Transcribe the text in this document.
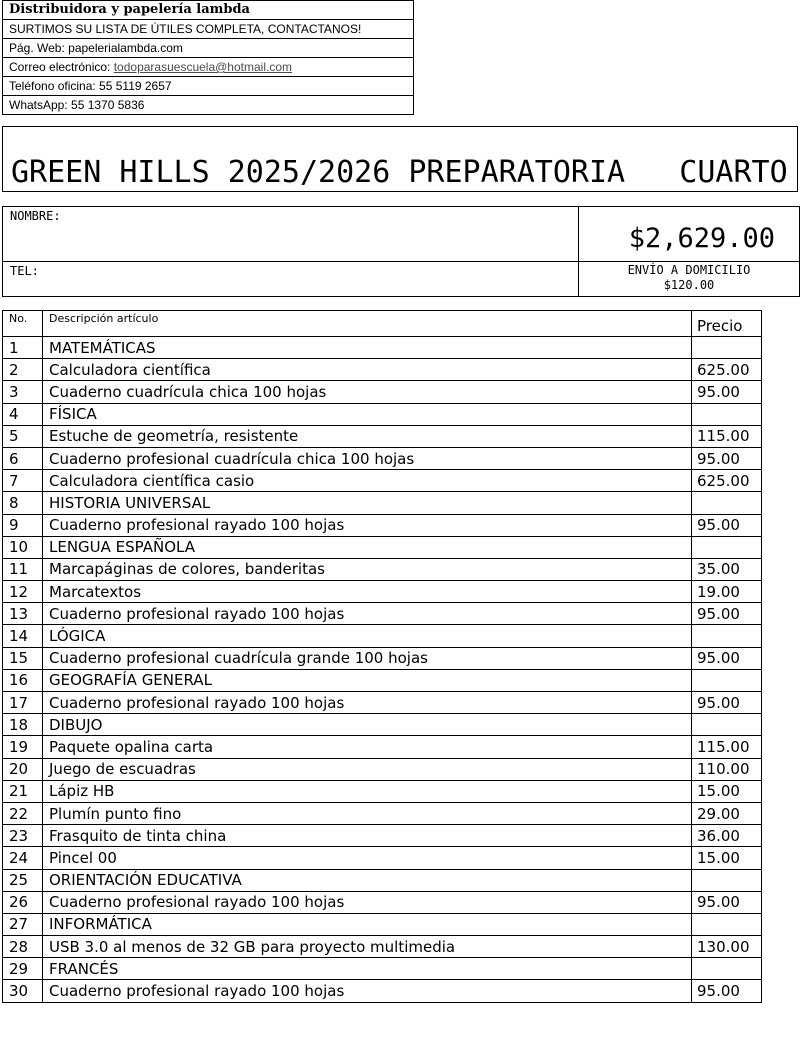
Distribuidora y papelería lambda
SURTIMOS SU LISTA DE ÚTILES COMPLETA, CONTACTANOS!
Pág. Web: papelerialambda.com
Correo electrónico: todoparasuescuela@hotmail.com
Teléfono oficina: 55 5119 2657
WhatsApp: 55 1370 5836
GREEN HILLS 2025/2026 PREPARATORIA   CUARTO
NOMBRE:
TEL:
$2,629.00
ENVÍO A DOMICILIO
$120.00
No.	Descripción artículo	Precio
1	MATEMÁTICAS	
2	Calculadora científica	625.00
3	Cuaderno cuadrícula chica 100 hojas	95.00
4	FÍSICA	
5	Estuche de geometría, resistente	115.00
6	Cuaderno profesional cuadrícula chica 100 hojas	95.00
7	Calculadora científica casio	625.00
8	HISTORIA UNIVERSAL	
9	Cuaderno profesional rayado 100 hojas	95.00
10	LENGUA ESPAÑOLA	
11	Marcapáginas de colores, banderitas	35.00
12	Marcatextos	19.00
13	Cuaderno profesional rayado 100 hojas	95.00
14	LÓGICA	
15	Cuaderno profesional cuadrícula grande 100 hojas	95.00
16	GEOGRAFÍA GENERAL	
17	Cuaderno profesional rayado 100 hojas	95.00
18	DIBUJO	
19	Paquete opalina carta	115.00
20	Juego de escuadras	110.00
21	Lápiz HB	15.00
22	Plumín punto fino	29.00
23	Frasquito de tinta china	36.00
24	Pincel 00	15.00
25	ORIENTACIÓN EDUCATIVA	
26	Cuaderno profesional rayado 100 hojas	95.00
27	INFORMÁTICA	
28	USB 3.0 al menos de 32 GB para proyecto multimedia	130.00
29	FRANCÉS	
30	Cuaderno profesional rayado 100 hojas	95.00
